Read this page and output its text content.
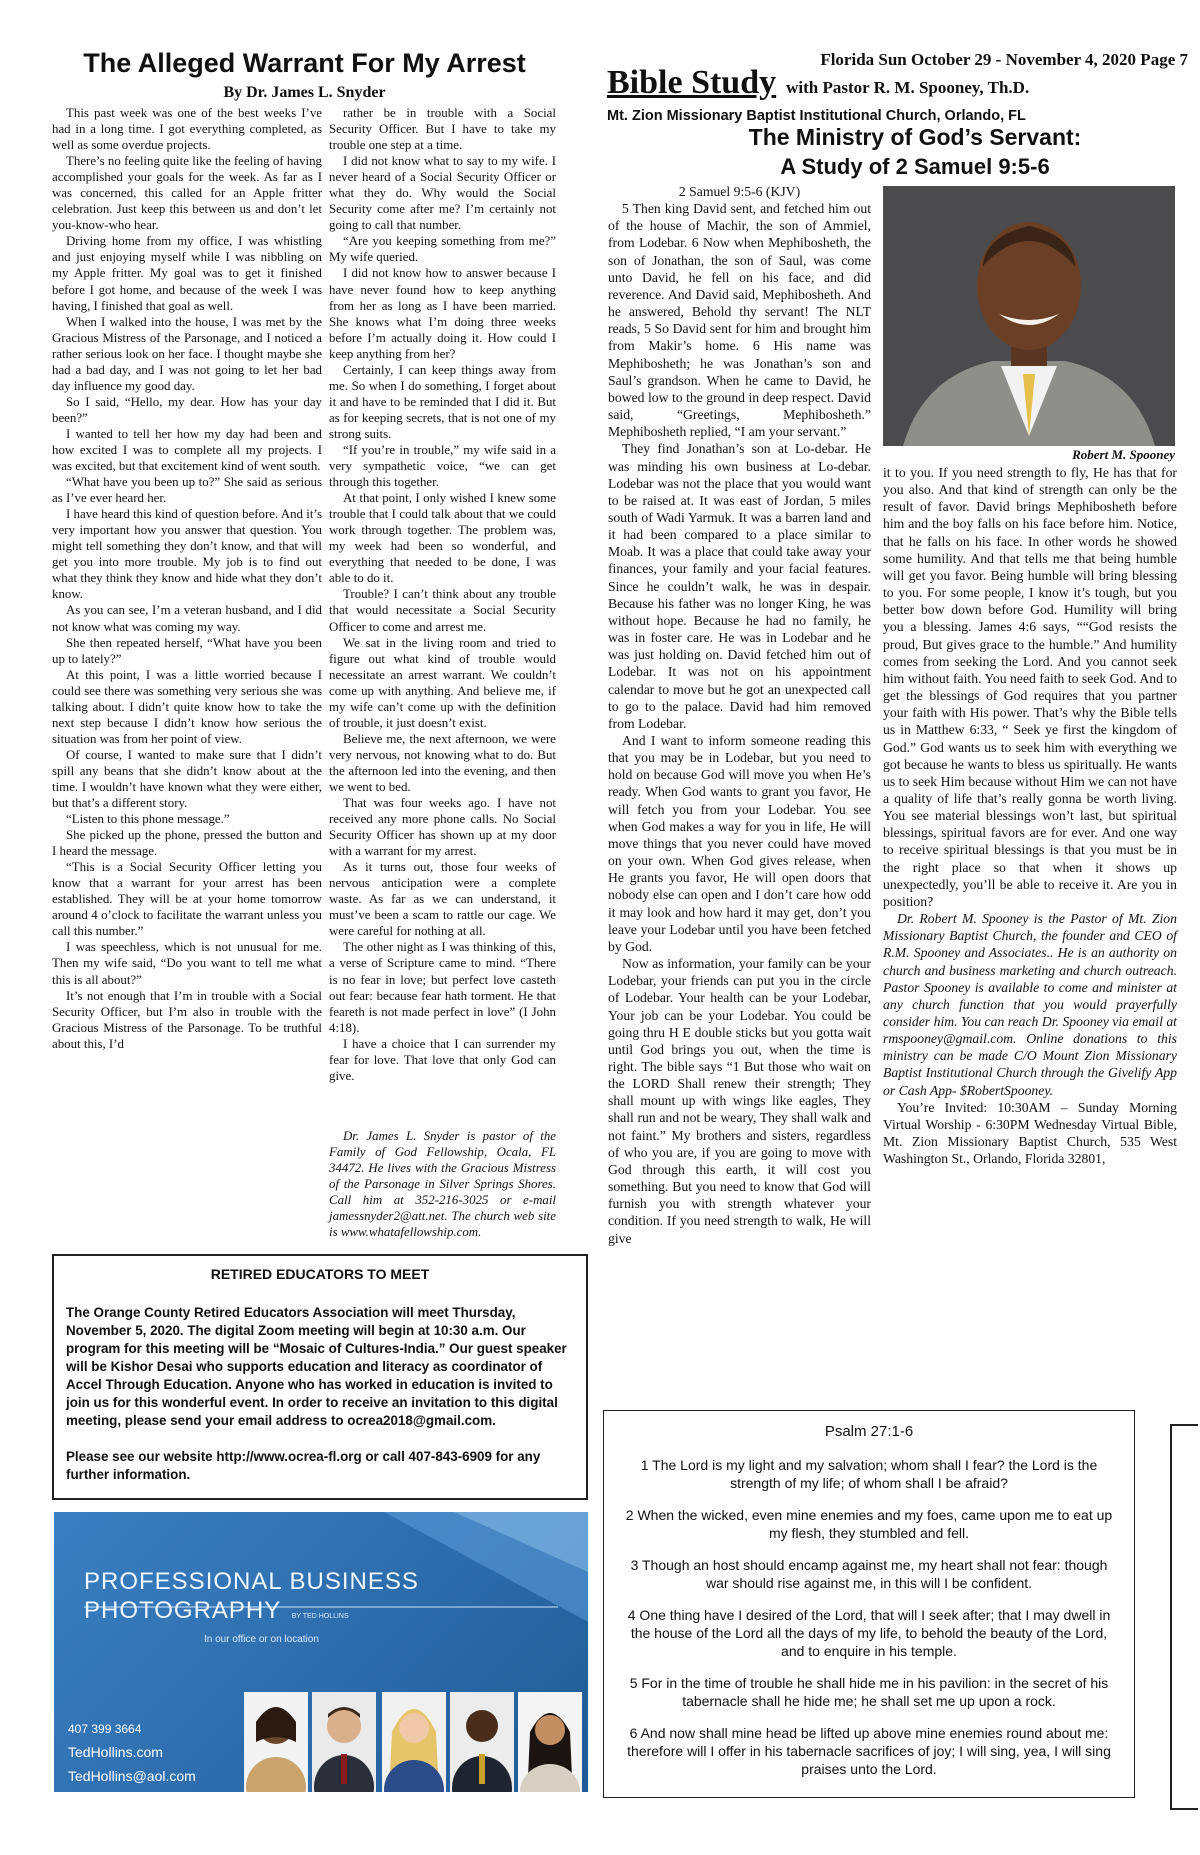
Florida Sun October 29 - November 4, 2020 Page 7
The Alleged Warrant For My Arrest
By Dr. James L. Snyder

This past week was one of the best weeks I’ve had in a long time. I got everything completed, as well as some overdue projects.

There’s no feeling quite like the feeling of having accomplished your goals for the week. As far as I was concerned, this called for an Apple fritter celebration. Just keep this between us and don’t let you-know-who hear.

Driving home from my office, I was whistling and just enjoying myself while I was nibbling on my Apple fritter. My goal was to get it finished before I got home, and because of the week I was having, I finished that goal as well.

When I walked into the house, I was met by the Gracious Mistress of the Parsonage, and I noticed a rather serious look on her face. I thought maybe she had a bad day, and I was not going to let her bad day influence my good day.

So I said, “Hello, my dear. How has your day been?”

I wanted to tell her how my day had been and how excited I was to complete all my projects. I was excited, but that excitement kind of went south.

“What have you been up to?” She said as serious as I’ve ever heard her.

I have heard this kind of question before. And it’s very important how you answer that question. You might tell something they don’t know, and that will get you into more trouble. My job is to find out what they think they know and hide what they don’t know.

As you can see, I’m a veteran husband, and I did not know what was coming my way.

She then repeated herself, “What have you been up to lately?”

At this point, I was a little worried because I could see there was something very serious she was talking about. I didn’t quite know how to take the next step because I didn’t know how serious the situation was from her point of view.

Of course, I wanted to make sure that I didn’t spill any beans that she didn’t know about at the time. I wouldn’t have known what they were either, but that’s a different story.

“Listen to this phone message.”

She picked up the phone, pressed the button and I heard the message.

“This is a Social Security Officer letting you know that a warrant for your arrest has been established. They will be at your home tomorrow around 4 o’clock to facilitate the warrant unless you call this number.”

I was speechless, which is not unusual for me. Then my wife said, “Do you want to tell me what this is all about?”

It’s not enough that I’m in trouble with a Social Security Officer, but I’m also in trouble with the Gracious Mistress of the Parsonage. To be truthful about this, I’d

rather be in trouble with a Social Security Officer. But I have to take my trouble one step at a time.

I did not know what to say to my wife. I never heard of a Social Security Officer or what they do. Why would the Social Security come after me? I’m certainly not going to call that number.

“Are you keeping something from me?” My wife queried.

I did not know how to answer because I have never found how to keep anything from her as long as I have been married. She knows what I’m doing three weeks before I’m actually doing it. How could I keep anything from her?

Certainly, I can keep things away from me. So when I do something, I forget about it and have to be reminded that I did it. But as for keeping secrets, that is not one of my strong suits.

“If you’re in trouble,” my wife said in a very sympathetic voice, “we can get through this together.

At that point, I only wished I knew some trouble that I could talk about that we could work through together. The problem was, my week had been so wonderful, and everything that needed to be done, I was able to do it.

Trouble? I can’t think about any trouble that would necessitate a Social Security Officer to come and arrest me.

We sat in the living room and tried to figure out what kind of trouble would necessitate an arrest warrant. We couldn’t come up with anything. And believe me, if my wife can’t come up with the definition of trouble, it just doesn’t exist.

Believe me, the next afternoon, we were very nervous, not knowing what to do. But the afternoon led into the evening, and then we went to bed.

That was four weeks ago. I have not received any more phone calls. No Social Security Officer has shown up at my door with a warrant for my arrest.

As it turns out, those four weeks of nervous anticipation were a complete waste. As far as we can understand, it must’ve been a scam to rattle our cage. We were careful for nothing at all.

The other night as I was thinking of this, a verse of Scripture came to mind. “There is no fear in love; but perfect love casteth out fear: because fear hath torment. He that feareth is not made perfect in love” (I John 4:18).

I have a choice that I can surrender my fear for love. That love that only God can give.

Dr. James L. Snyder is pastor of the Family of God Fellowship, Ocala, FL 34472. He lives with the Gracious Mistress of the Parsonage in Silver Springs Shores. Call him at 352-216-3025 or e-mail jamessnyder2@att.net. The church web site is www.whatafellowship.com.

RETIRED EDUCATORS TO MEET
The Orange County Retired Educators Association will meet Thursday, November 5, 2020. The digital Zoom meeting will begin at 10:30 a.m. Our program for this meeting will be “Mosaic of Cultures-India.” Our guest speaker will be Kishor Desai who supports education and literacy as coordinator of Accel Through Education. Anyone who has worked in education is invited to join us for this wonderful event. In order to receive an invitation to this digital meeting, please send your email address to ocrea2018@gmail.com.
Please see our website http://www.ocrea-fl.org or call 407-843-6909 for any further information.
PROFESSIONAL BUSINESS
PHOTOGRAPHY BY TED HOLLINS
In our office or on location
407 399 3664
TedHollins.com
TedHollins@aol.com
Bible Study with Pastor R. M. Spooney, Th.D.
Mt. Zion Missionary Baptist Institutional Church, Orlando, FL
The Ministry of God’s Servant:
A Study of 2 Samuel 9:5-6
Robert M. Spooney

2 Samuel 9:5-6 (KJV)

5 Then king David sent, and fetched him out of the house of Machir, the son of Ammiel, from Lodebar. 6 Now when Mephibosheth, the son of Jonathan, the son of Saul, was come unto David, he fell on his face, and did reverence. And David said, Mephibosheth. And he answered, Behold thy servant! The NLT reads, 5 So David sent for him and brought him from Makir’s home. 6 His name was Mephibosheth; he was Jonathan’s son and Saul’s grandson. When he came to David, he bowed low to the ground in deep respect. David said, “Greetings, Mephibosheth.” Mephibosheth replied, “I am your servant.”

They find Jonathan’s son at Lo-debar. He was minding his own business at Lo-debar. Lodebar was not the place that you would want to be raised at. It was east of Jordan, 5 miles south of Wadi Yarmuk. It was a barren land and it had been compared to a place similar to Moab. It was a place that could take away your finances, your family and your facial features. Since he couldn’t walk, he was in despair. Because his father was no longer King, he was without hope. Because he had no family, he was in foster care. He was in Lodebar and he was just holding on. David fetched him out of Lodebar. It was not on his appointment calendar to move but he got an unexpected call to go to the palace. David had him removed from Lodebar.

And I want to inform someone reading this that you may be in Lodebar, but you need to hold on because God will move you when He’s ready. When God wants to grant you favor, He will fetch you from your Lodebar. You see when God makes a way for you in life, He will move things that you never could have moved on your own. When God gives release, when He grants you favor, He will open doors that nobody else can open and I don’t care how odd it may look and how hard it may get, don’t you leave your Lodebar until you have been fetched by God.

Now as information, your family can be your Lodebar, your friends can put you in the circle of Lodebar. Your health can be your Lodebar, Your job can be your Lodebar. You could be going thru H E double sticks but you gotta wait until God brings you out, when the time is right. The bible says “1 But those who wait on the LORD Shall renew their strength; They shall mount up with wings like eagles, They shall run and not be weary, They shall walk and not faint.” My brothers and sisters, regardless of who you are, if you are going to move with God through this earth, it will cost you something. But you need to know that God will furnish you with strength whatever your condition. If you need strength to walk, He will give

it to you. If you need strength to fly, He has that for you also. And that kind of strength can only be the result of favor. David brings Mephibosheth before him and the boy falls on his face before him. Notice, that he falls on his face. In other words he showed some humility. And that tells me that being humble will get you favor. Being humble will bring blessing to you. For some people, I know it’s tough, but you better bow down before God. Humility will bring you a blessing. James 4:6 says, ““God resists the proud, But gives grace to the humble.” And humility comes from seeking the Lord. And you cannot seek him without faith. You need faith to seek God. And to get the blessings of God requires that you partner your faith with His power. That’s why the Bible tells us in Matthew 6:33, “ Seek ye first the kingdom of God.” God wants us to seek him with everything we got because he wants to bless us spiritually. He wants us to seek Him because without Him we can not have a quality of life that’s really gonna be worth living. You see material blessings won’t last, but spiritual blessings, spiritual favors are for ever. And one way to receive spiritual blessings is that you must be in the right place so that when it shows up unexpectedly, you’ll be able to receive it. Are you in position?

Dr. Robert M. Spooney is the Pastor of Mt. Zion Missionary Baptist Church, the founder and CEO of R.M. Spooney and Associates.. He is an authority on church and business marketing and church outreach. Pastor Spooney is available to come and minister at any church function that you would prayerfully consider him. You can reach Dr. Spooney via email at rmspooney@gmail.com. Online donations to this ministry can be made C/O Mount Zion Missionary Baptist Institutional Church through the Givelify App or Cash App- $RobertSpooney.

You’re Invited: 10:30AM – Sunday Morning Virtual Worship - 6:30PM Wednesday Virtual Bible, Mt. Zion Missionary Baptist Church, 535 West Washington St., Orlando, Florida 32801,

Psalm 27:1-6

1 The Lord is my light and my salvation; whom shall I fear? the Lord is the strength of my life; of whom shall I be afraid?

2 When the wicked, even mine enemies and my foes, came upon me to eat up my flesh, they stumbled and fell.

3 Though an host should encamp against me, my heart shall not fear: though war should rise against me, in this will I be confident.

4 One thing have I desired of the Lord, that will I seek after; that I may dwell in the house of the Lord all the days of my life, to behold the beauty of the Lord, and to enquire in his temple.

5 For in the time of trouble he shall hide me in his pavilion: in the secret of his tabernacle shall he hide me; he shall set me up upon a rock.

6 And now shall mine head be lifted up above mine enemies round about me: therefore will I offer in his tabernacle sacrifices of joy; I will sing, yea, I will sing praises unto the Lord.
